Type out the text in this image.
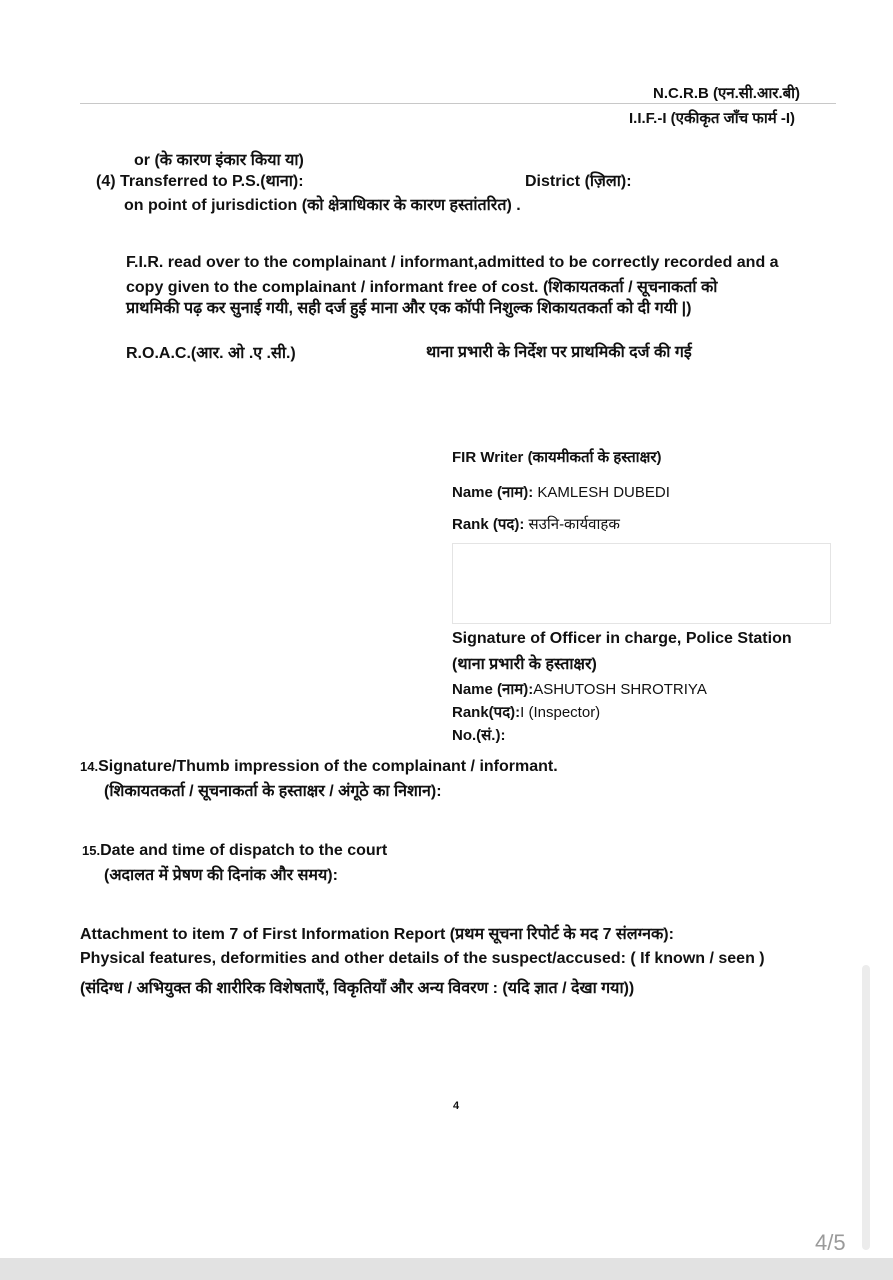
N.C.R.B (एन.सी.आर.बी)
I.I.F.-I (एकीकृत जाँच फार्म -I)
or (के कारण इंकार किया या)
(4) Transferred to P.S.(थाना):	District (ज़िला):
on point of jurisdiction (को क्षेत्राधिकार के कारण हस्तांतरित) .
F.I.R. read over to the complainant / informant,admitted to be correctly recorded and a
copy given to the complainant / informant free of cost. (शिकायतकर्ता / सूचनाकर्ता को
प्राथमिकी पढ़ कर सुनाई गयी, सही दर्ज हुई माना और एक कॉपी निशुल्क शिकायतकर्ता को दी गयी |)
R.O.A.C.(आर. ओ .ए .सी.)	थाना प्रभारी के निर्देश पर प्राथमिकी दर्ज की गई
FIR Writer (कायमीकर्ता के हस्ताक्षर)
Name (नाम): KAMLESH DUBEDI
Rank (पद): सउनि-कार्यवाहक
Signature of Officer in charge, Police Station
(थाना प्रभारी के हस्ताक्षर)
Name (नाम):ASHUTOSH SHROTRIYA
Rank(पद):I (Inspector)
No.(सं.):
14.Signature/Thumb impression of the complainant / informant.
(शिकायतकर्ता / सूचनाकर्ता के हस्ताक्षर / अंगूठे का निशान):
15.Date and time of dispatch to the court
(अदालत में प्रेषण की दिनांक और समय):
Attachment to item 7 of First Information Report (प्रथम सूचना रिपोर्ट के मद 7 संलग्नक):
Physical features, deformities and other details of the suspect/accused: ( If known / seen )
(संदिग्ध / अभियुक्त की शारीरिक विशेषताएँ, विकृतियाँ और अन्य विवरण : (यदि ज्ञात / देखा गया))
4
4/5
